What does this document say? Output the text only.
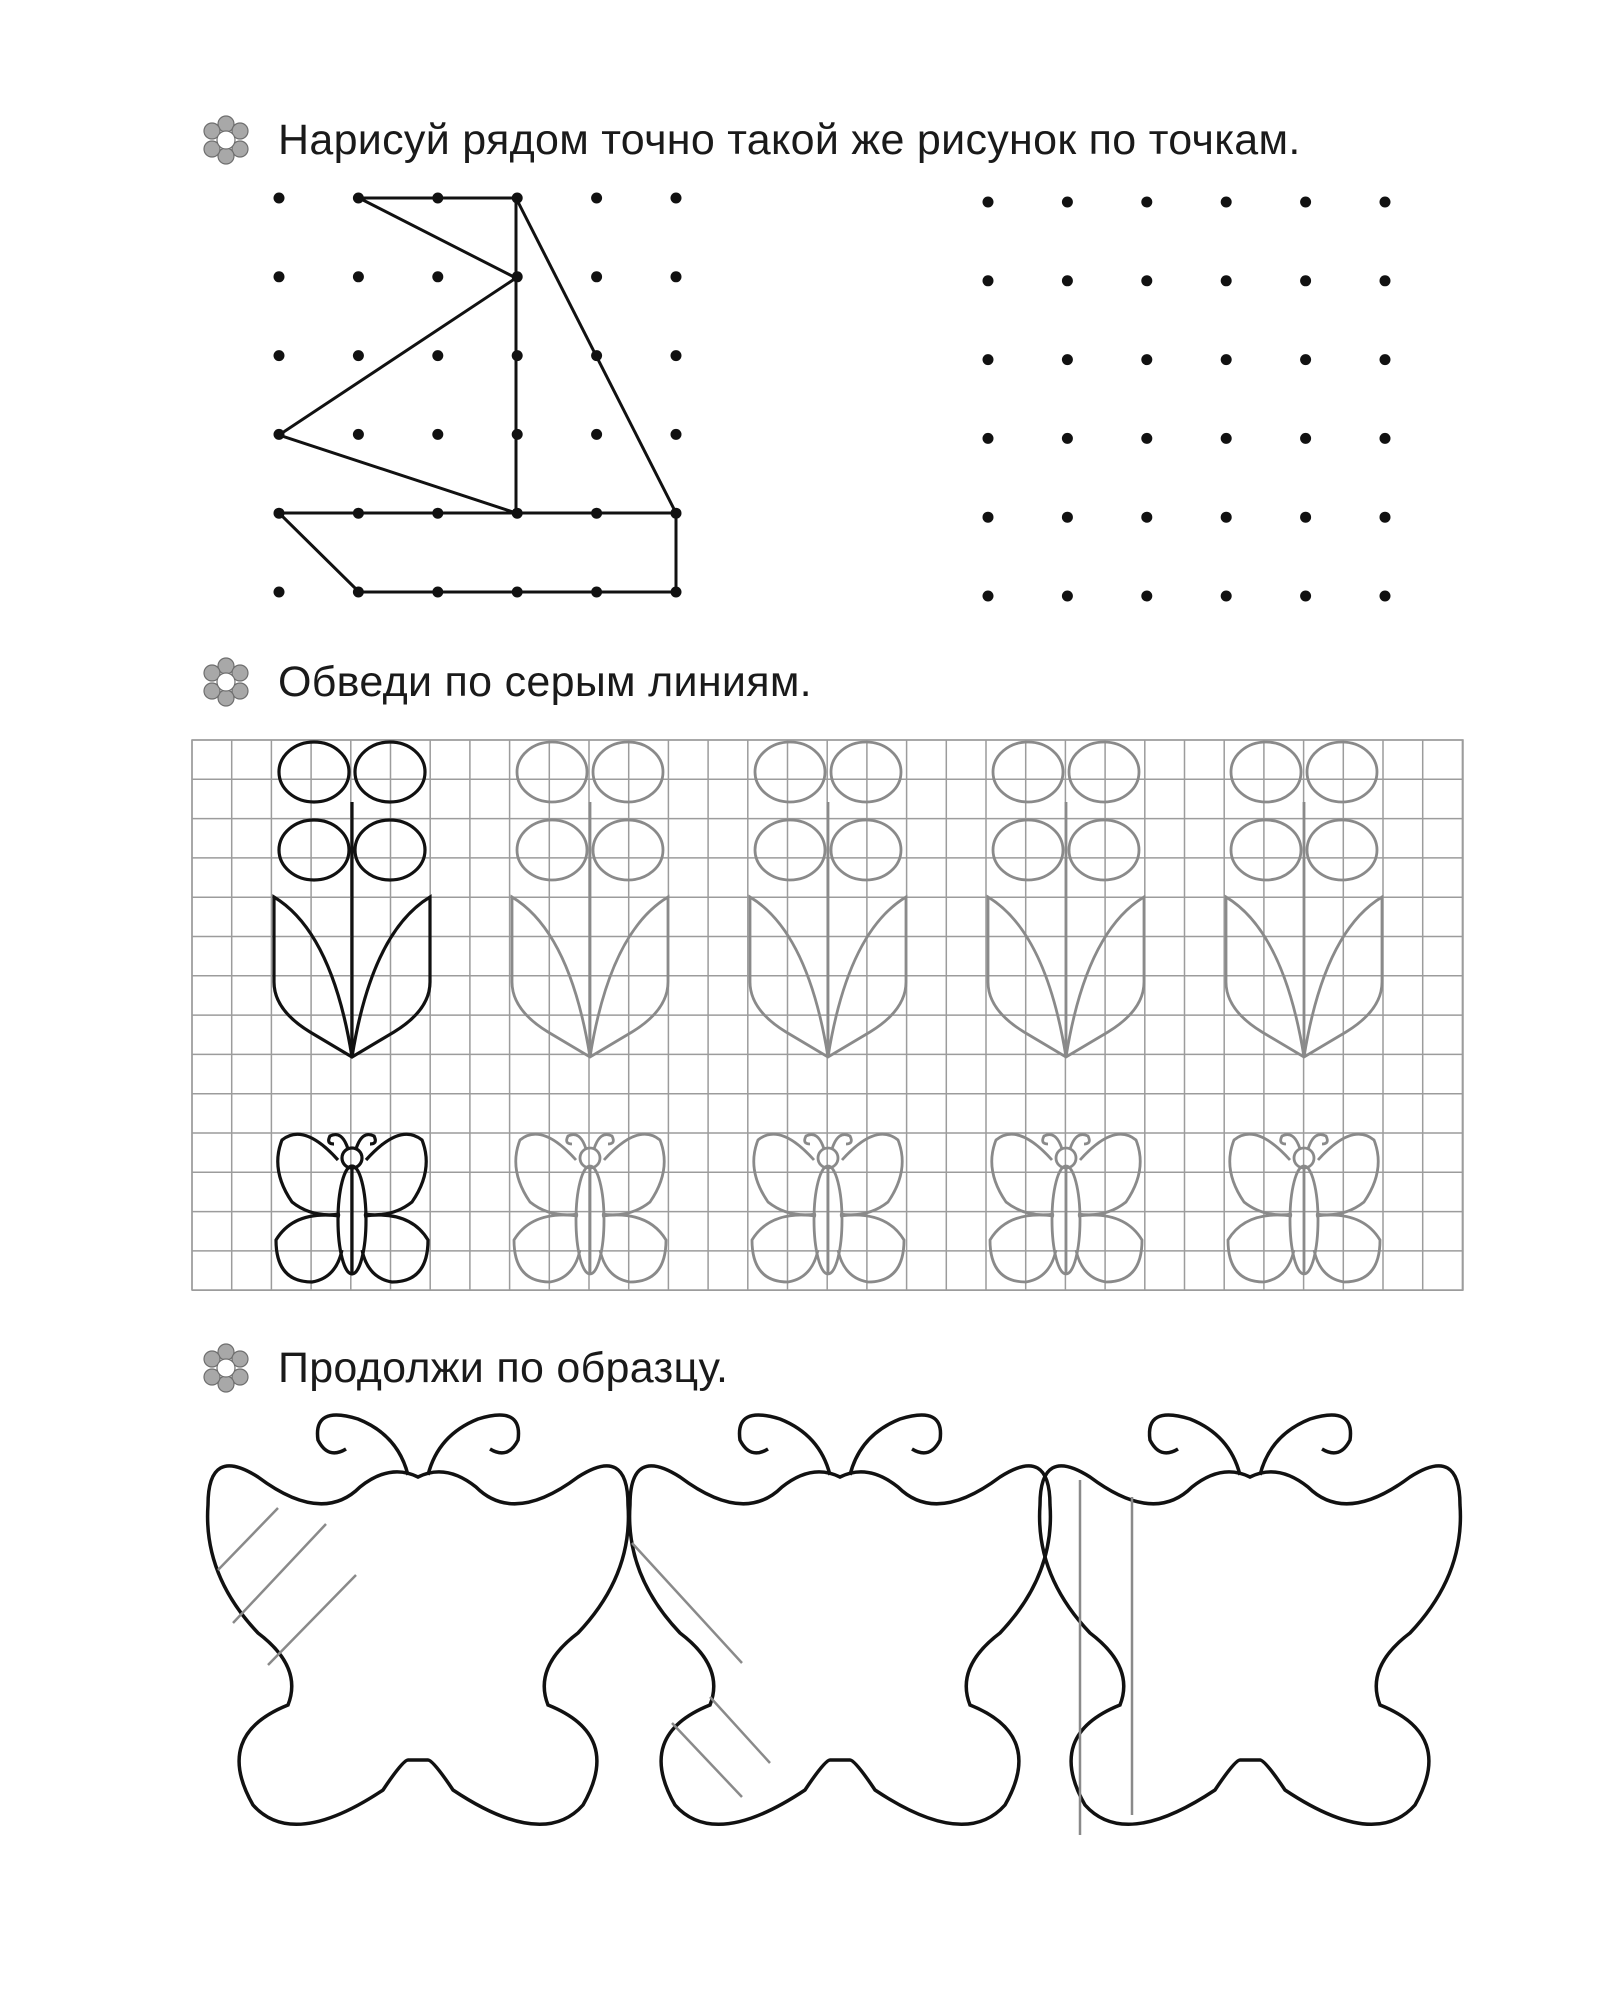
Нарисуй рядом точно такой же рисунок по точкам.
Обведи по серым линиям.
Продолжи по образцу.
